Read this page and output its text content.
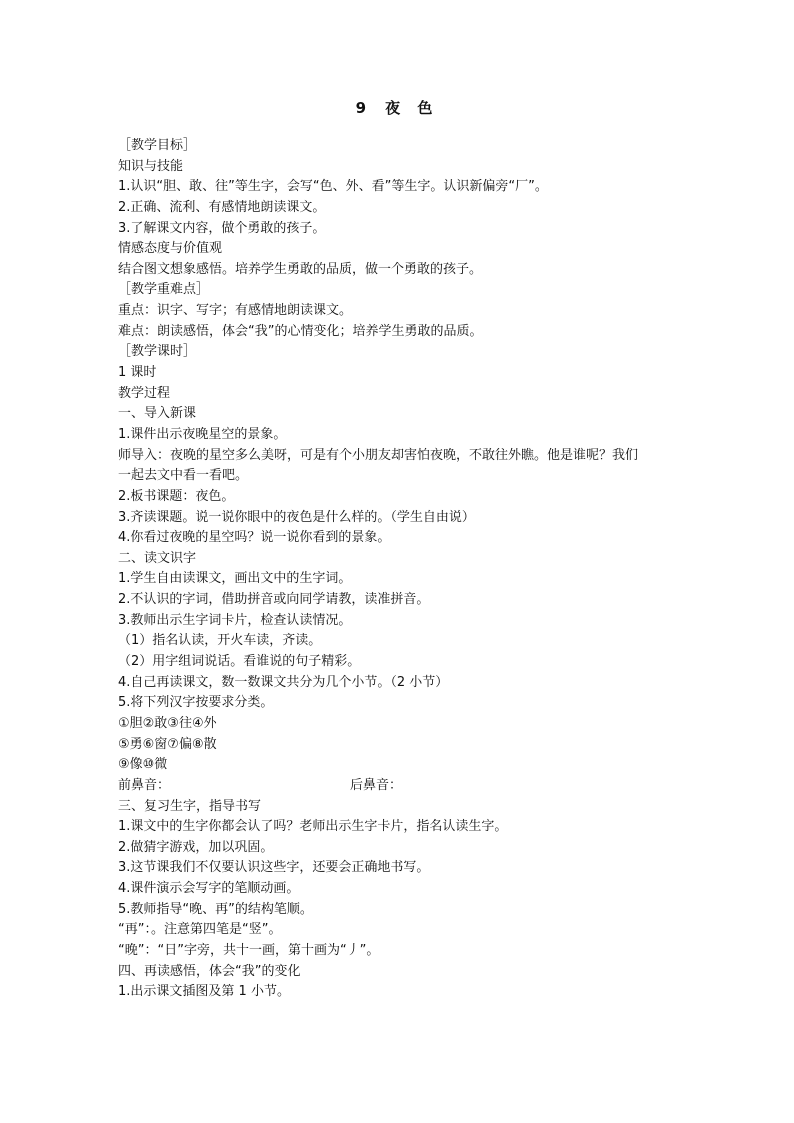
9 夜 色
［教学目标］
知识与技能
1.认识“胆、敢、往”等生字，会写“色、外、看”等生字。认识新偏旁“厂”。
2.正确、流利、有感情地朗读课文。
3.了解课文内容，做个勇敢的孩子。
情感态度与价值观
结合图文想象感悟。培养学生勇敢的品质，做一个勇敢的孩子。
［教学重难点］
重点：识字、写字；有感情地朗读课文。
难点：朗读感悟，体会“我”的心情变化；培养学生勇敢的品质。
［教学课时］
1 课时
教学过程
一、导入新课
1.课件出示夜晚星空的景象。
师导入：夜晚的星空多么美呀，可是有个小朋友却害怕夜晚，不敢往外瞧。他是谁呢？我们
一起去文中看一看吧。
2.板书课题：夜色。
3.齐读课题。说一说你眼中的夜色是什么样的。（学生自由说）
4.你看过夜晚的星空吗？说一说你看到的景象。
二、读文识字
1.学生自由读课文，画出文中的生字词。
2.不认识的字词，借助拼音或向同学请教，读准拼音。
3.教师出示生字词卡片，检查认读情况。
（1）指名认读，开火车读，齐读。
（2）用字组词说话。看谁说的句子精彩。
4.自己再读课文，数一数课文共分为几个小节。（2 小节）
5.将下列汉字按要求分类。
①胆②敢③往④外
⑤勇⑥窗⑦偏⑧散
⑨像⑩微
前鼻音：	后鼻音：
三、复习生字，指导书写
1.课文中的生字你都会认了吗？老师出示生字卡片，指名认读生字。
2.做猜字游戏，加以巩固。
3.这节课我们不仅要认识这些字，还要会正确地书写。
4.课件演示会写字的笔顺动画。
5.教师指导“晚、再”的结构笔顺。
“再”：。注意第四笔是“竖”。
“晚”：“日”字旁，共十一画，第十画为“丿”。
四、再读感悟，体会“我”的变化
1.出示课文插图及第 1 小节。
